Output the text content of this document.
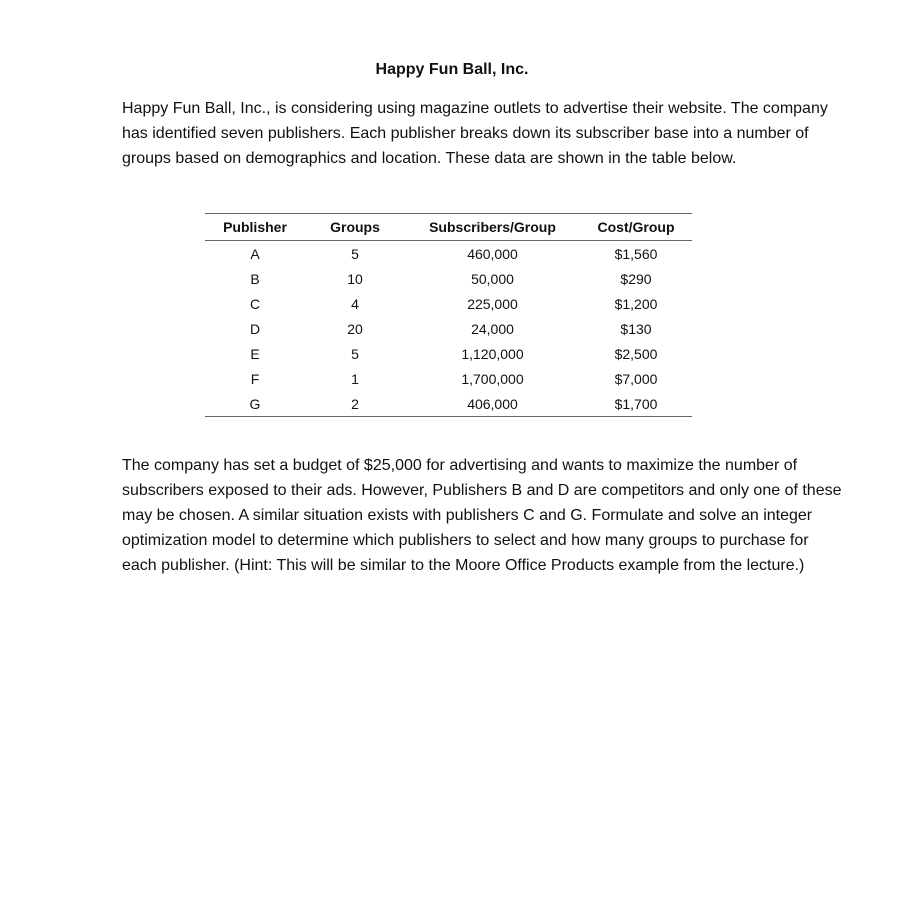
Happy Fun Ball, Inc.

Happy Fun Ball, Inc., is considering using magazine outlets to advertise their website. The company has identified seven publishers. Each publisher breaks down its subscriber base into a number of groups based on demographics and location. These data are shown in the table below.

Publisher	Groups	Subscribers/Group	Cost/Group
A	5	460,000	$1,560
B	10	50,000	$290
C	4	225,000	$1,200
D	20	24,000	$130
E	5	1,120,000	$2,500
F	1	1,700,000	$7,000
G	2	406,000	$1,700

The company has set a budget of $25,000 for advertising and wants to maximize the number of subscribers exposed to their ads. However, Publishers B and D are competitors and only one of these may be chosen. A similar situation exists with publishers C and G. Formulate and solve an integer optimization model to determine which publishers to select and how many groups to purchase for each publisher. (Hint: This will be similar to the Moore Office Products example from the lecture.)
